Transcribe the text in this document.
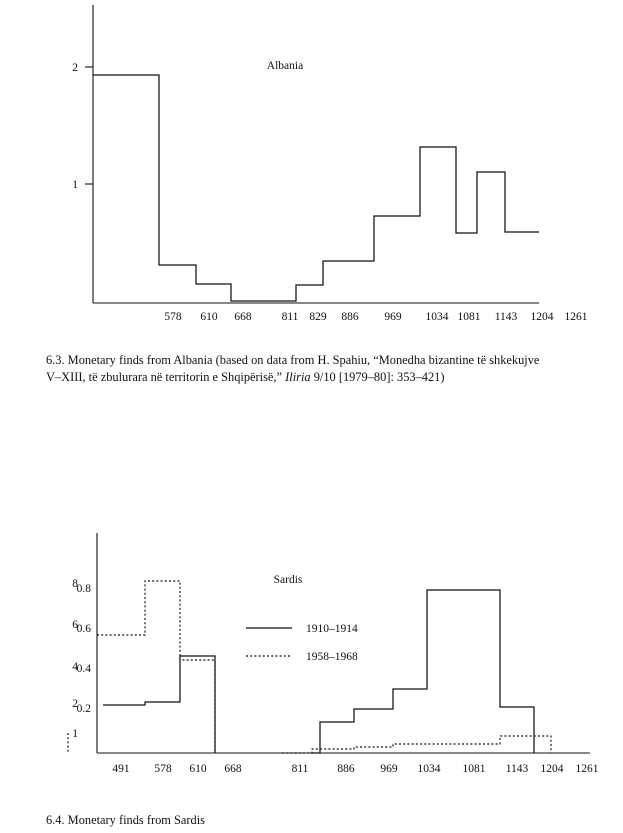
2
1
Albania
578 610 668	811 829 886 969 1034 1081 1143 1204 1261
6.3. Monetary finds from Albania (based on data from H. Spahiu, “Monedha bizantine të shkekujve
V–XIII, të zbulurara në territorin e Shqipërisë,” Iliria 9/10 [1979–80]: 353–421)
1
2
4
6
8
0.2
0.4
0.6
0.8
Sardis
1910–1914
1958–1968
491 578 610 668	811	886 969 1034 1081 1143 1204 1261
6.4. Monetary finds from Sardis
